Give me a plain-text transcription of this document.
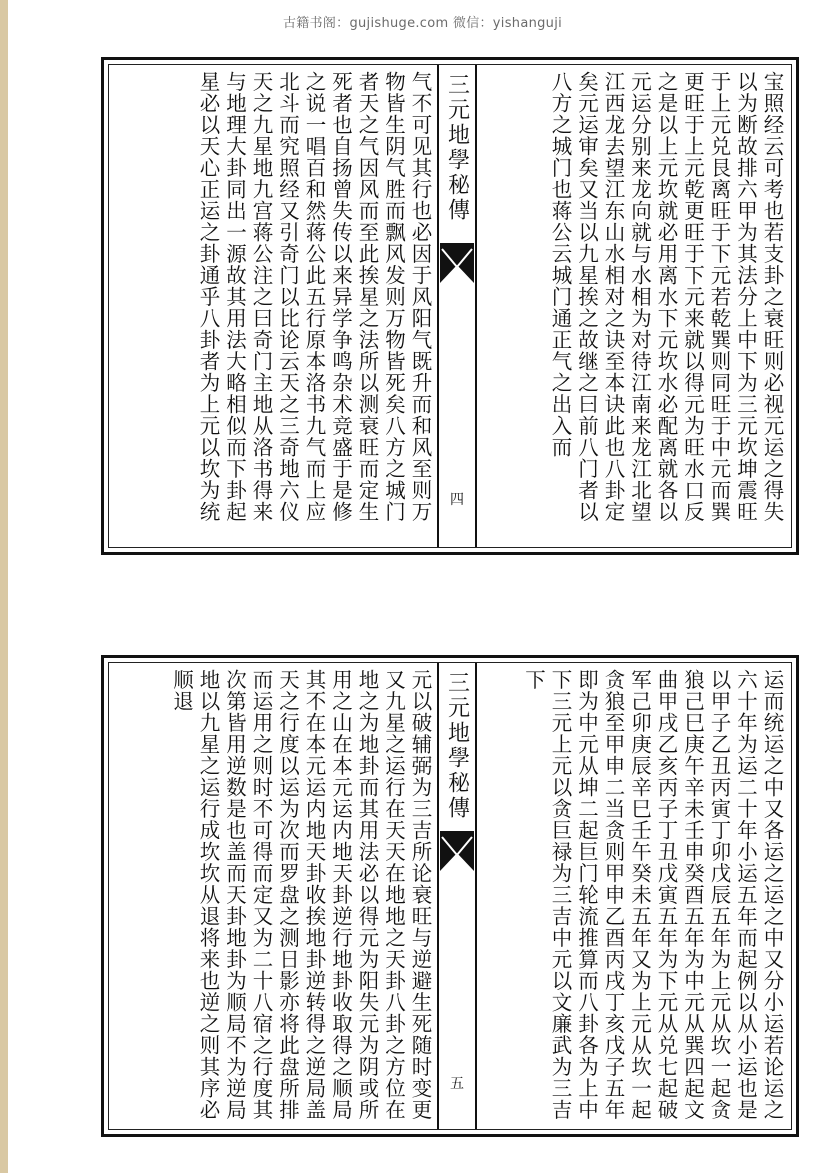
古籍书阁：gujishuge.com 微信：yishanguji
宝照经云可考也若支卦之衰旺则必视元运之得失以为断故排六甲为其法分上中下为三元坎坤震旺于上元兑艮离旺于下元若乾巽则同旺于中元而巽更旺于上元乾更旺于下元来就以得元为旺水口反之是以上元坎就必用离水下元坎水必配离就各以元运分别来龙向就与水相为对待江南来龙江北望江西龙去望江东山水相对之诀至本诀此也八卦定矣元运审矣又当以九星挨之故继之曰前八门者以八方之城门也蒋公云城门通正气之出入而
三元地學秘傳
四
气不可见其行也必因于风阳气既升而和风至则万物皆生阴气胜而飘风发则万物皆死矣八方之城门者天之气因风而至此挨星之法所以测衰旺而定生死者也自扬曾失传以来异学争鸣杂术竞盛于是修之说一唱百和然蒋公此五行原本洛书九气而上应北斗而究照经又引奇门以比论云天之三奇地六仪天之九星地九宫蒋公注之曰奇门主地从洛书得来与地理大卦同出一源故其用法大略相似而下卦起星必以天心正运之卦通乎八卦者为上元以坎为统
运而统运之中又各运之运之中又分小运若论运之六十年为运二十年小运五年而起例以从小运也是以甲子乙丑丙寅丁卯戊辰五年为上元从坎一起贪狼己巳庚午辛未壬申癸酉五年为中元从巽四起文曲甲戌乙亥丙子丁丑戊寅五年为下元从兑七起破军己卯庚辰辛巳壬午癸未五年又为上元从坎一起贪狼至甲申二当贪则甲申乙酉丙戌丁亥戊子五年即为中元从坤二起巨门轮流推算而八卦各为上中下三元上元以贪巨禄为三吉中元以文廉武为三吉下
三元地學秘傳
五
元以破辅弼为三吉所论衰旺与逆避生死随时变更又九星之运行在天天在地地之天卦八卦之方位在地之为地卦而其用法必以得元为阳失元为阴或所用之山在本元运内地天卦逆行地卦收取得之顺局其不在本元运内地天卦收挨地卦逆转得之逆局盖天之行度以运为次而罗盘之测日影亦将此盘所排而运用之则时不可得而定又为二十八宿之行度其次第皆用逆数是也盖而天卦地卦为顺局不为逆局地以九星之运行成坎坎从退将来也逆之则其序必顺退
